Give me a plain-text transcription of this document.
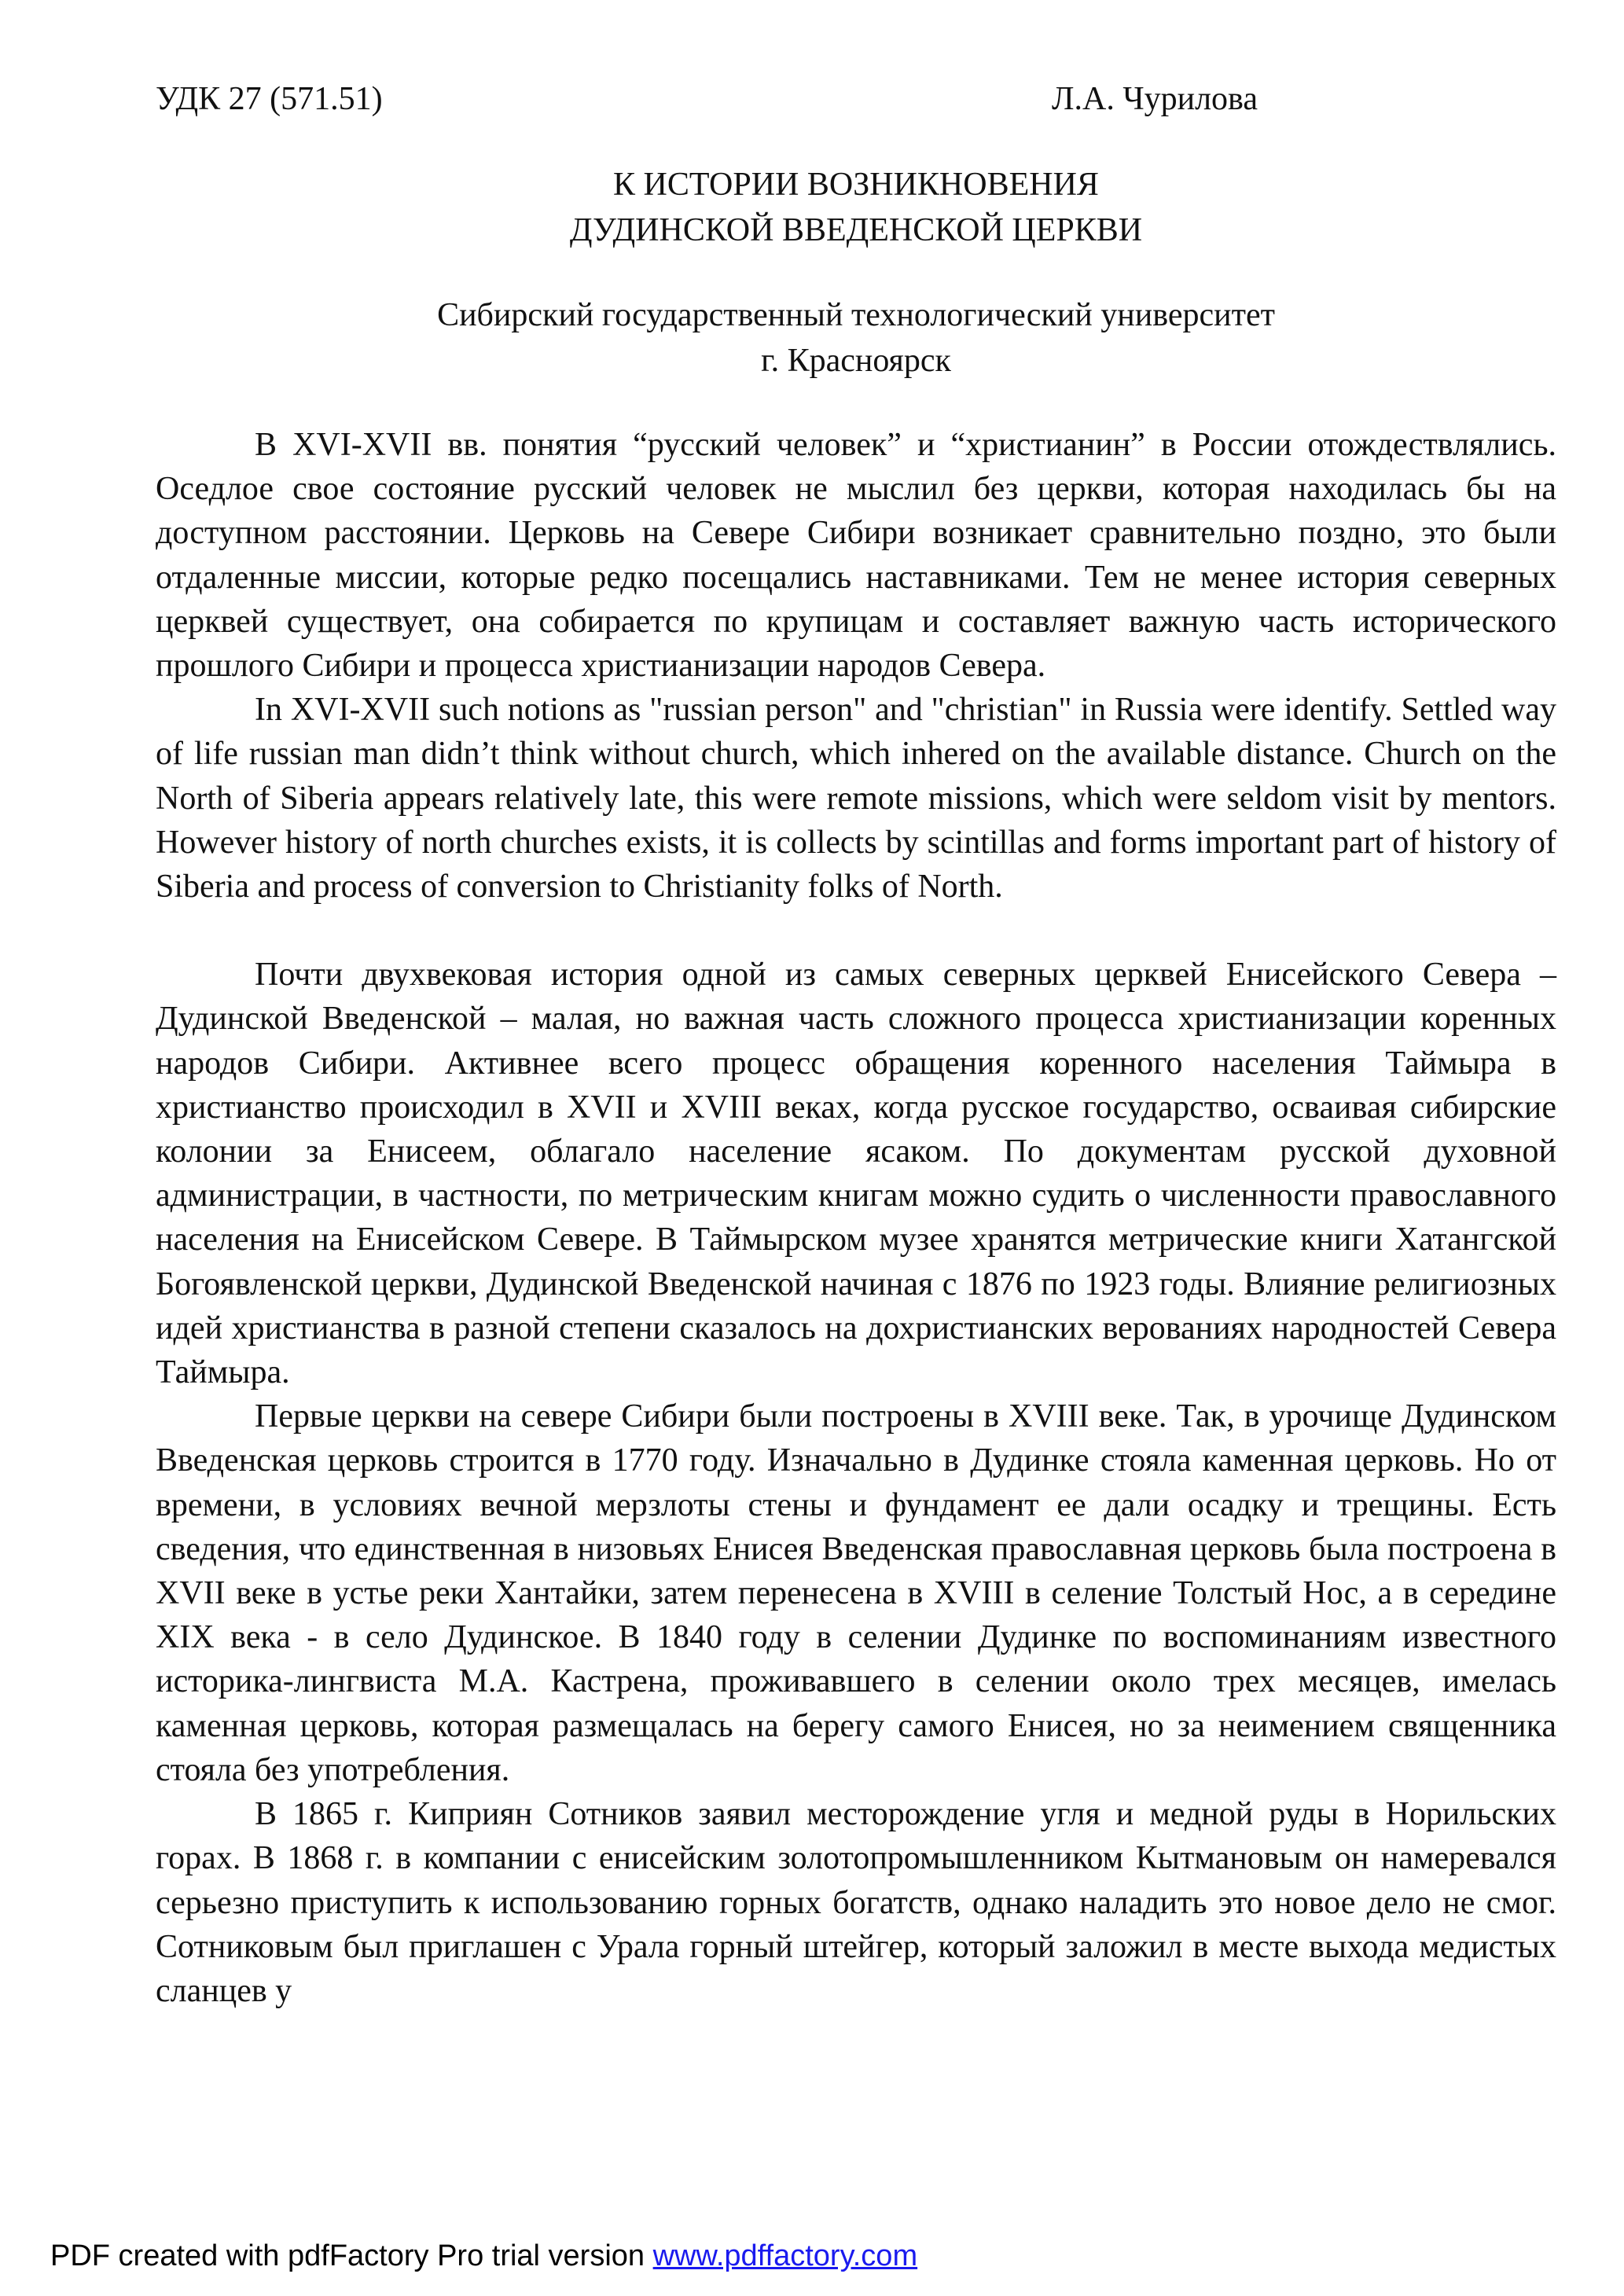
УДК 27 (571.51)	Л.А. Чурилова
К ИСТОРИИ ВОЗНИКНОВЕНИЯ
ДУДИНСКОЙ ВВЕДЕНСКОЙ ЦЕРКВИ
Сибирский государственный технологический университет
г. Красноярск

В XVI-XVII вв. понятия “русский человек” и “христианин” в России отождествлялись. Оседлое свое состояние русский человек не мыслил без церкви, которая находилась бы на доступном расстоянии. Церковь на Севере Сибири возникает сравнительно поздно, это были отдаленные миссии, которые редко посещались наставниками. Тем не менее история северных церквей существует, она собирается по крупицам и составляет важную часть исторического прошлого Сибири и процесса христианизации народов Севера.

In XVI-XVII such notions as "russian person" and "christian" in Russia were identify. Settled way of life russian man didn’t think without church, which inhered on the available distance. Church on the North of Siberia appears relatively late, this were remote missions, which were seldom visit by mentors. However history of north churches exists, it is collects by scintillas and forms important part of history of Siberia and process of conversion to Christianity folks of North.

Почти двухвековая история одной из самых северных церквей Енисейского Севера – Дудинской Введенской – малая, но важная часть сложного процесса христианизации коренных народов Сибири. Активнее всего процесс обращения коренного населения Таймыра в христианство происходил в XVII и XVIII веках, когда русское государство, осваивая сибирские колонии за Енисеем, облагало население ясаком. По документам русской духовной администрации, в частности, по метрическим книгам можно судить о численности православного населения на Енисейском Севере. В Таймырском музее хранятся метрические книги Хатангской Богоявленской церкви, Дудинской Введенской начиная с 1876 по 1923 годы. Влияние религиозных идей христианства в разной степени сказалось на дохристианских верованиях народностей Севера Таймыра.

Первые церкви на севере Сибири были построены в XVIII веке. Так, в урочище Дудинском Введенская церковь строится в 1770 году. Изначально в Дудинке стояла каменная церковь. Но от времени, в условиях вечной мерзлоты стены и фундамент ее дали осадку и трещины. Есть сведения, что единственная в низовьях Енисея Введенская православная церковь была построена в XVII веке в устье реки Хантайки, затем перенесена в XVIII в селение Толстый Нос, а в середине XIX века - в село Дудинское. В 1840 году в селении Дудинке по воспоминаниям известного историка-лингвиста М.А. Кастрена, проживавшего в селении около трех месяцев, имелась каменная церковь, которая размещалась на берегу самого Енисея, но за неимением священника стояла без употребления.

В 1865 г. Киприян Сотников заявил месторождение угля и медной руды в Норильских горах. В 1868 г. в компании с енисейским золотопромышленником Кытмановым он намеревался серьезно приступить к использованию горных богатств, однако наладить это новое дело не смог. Сотниковым был приглашен с Урала горный штейгер, который заложил в месте выхода медистых сланцев у

PDF created with pdfFactory Pro trial version www.pdffactory.com
